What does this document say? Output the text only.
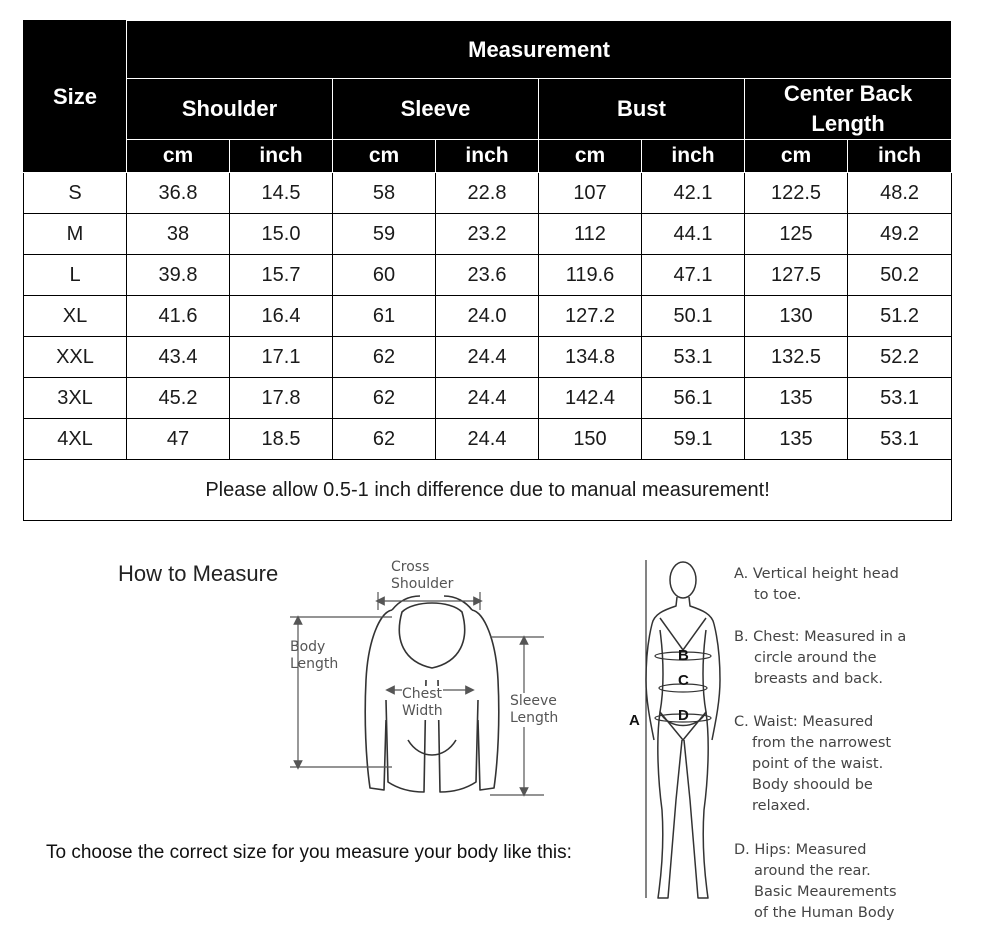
Size	Measurement							
	Shoulder		Sleeve		Bust		Center Back Length	
	cm	inch	cm	inch	cm	inch	cm	inch
S	36.8	14.5	58	22.8	107	42.1	122.5	48.2
M	38	15.0	59	23.2	112	44.1	125	49.2
L	39.8	15.7	60	23.6	119.6	47.1	127.5	50.2
XL	41.6	16.4	61	24.0	127.2	50.1	130	51.2
XXL	43.4	17.1	62	24.4	134.8	53.1	132.5	52.2
3XL	45.2	17.8	62	24.4	142.4	56.1	135	53.1
4XL	47	18.5	62	24.4	150	59.1	135	53.1
Please allow 0.5-1 inch difference due to manual measurement!								
How to Measure
To choose the correct size for you measure your body like this:
Cross
Shoulder
Body
Length
Chest
Width
Sleeve
Length	A
B
C
D
A. Vertical height head
to toe.
B. Chest: Measured in a
circle around the
breasts and back.
C. Waist: Measured
from the narrowest
point of the waist.
Body shoould be
relaxed.
D. Hips: Measured
around the rear.
Basic Meaurements
of the Human Body
